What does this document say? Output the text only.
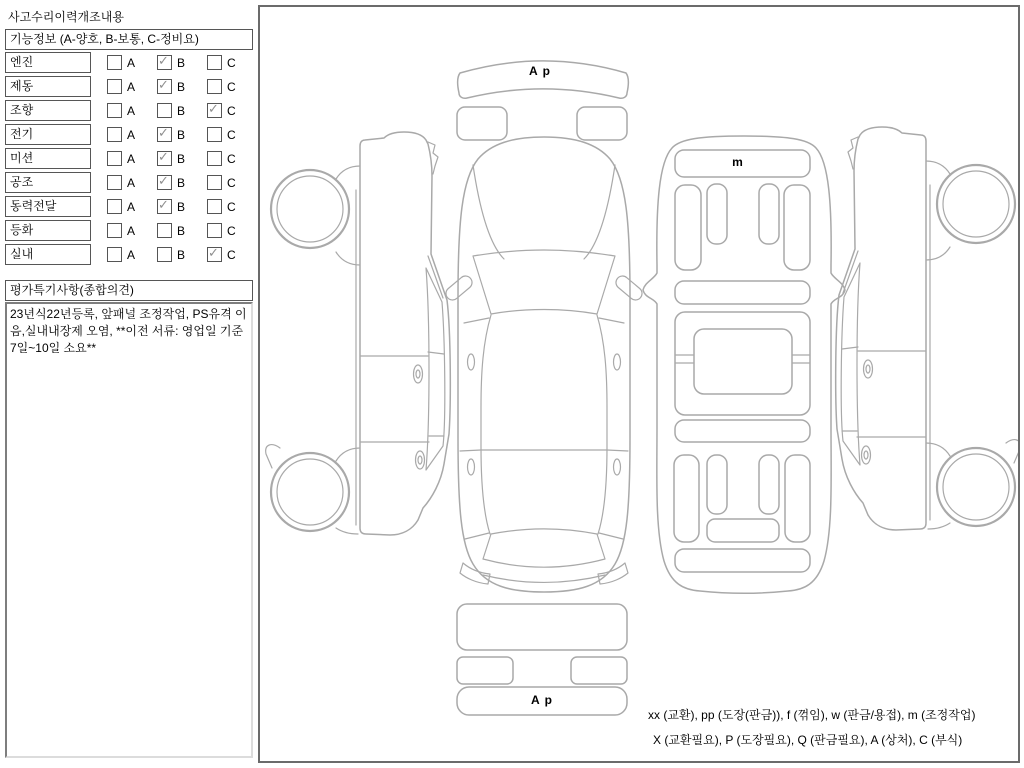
사고수리이력개조내용
기능정보 (A-양호, B-보통, C-정비요)
엔진	A ✓ B	C
제동	A ✓ B	C
조향	A	B ✓ C
전기	A ✓ B	C
미션	A ✓ B	C
공조	A ✓ B	C
동력전달	A ✓ B	C
등화	A	B	C
실내	A	B ✓ C
평가특기사항(종합의견)
23년식22년등록, 앞패널 조정작업, PS유격 이음,실내내장제 오염, **이전 서류: 영업일 기준 7일~10일 소요**
A p
m
A p
xx (교환), pp (도장(판금)), f (꺾임), w (판금/용접), m (조정작업)
X (교환필요), P (도장필요), Q (판금필요), A (상처), C (부식)
